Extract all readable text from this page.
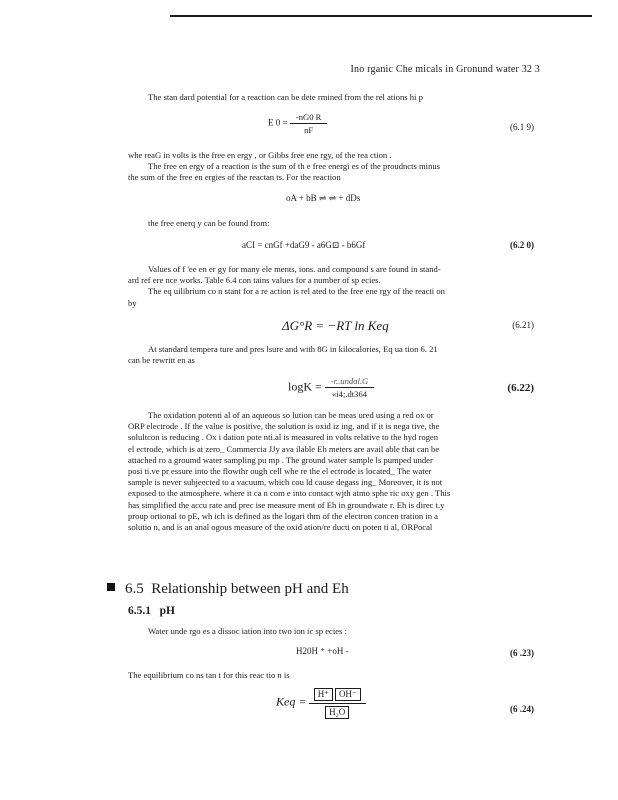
Ino rganic Che micals in Gronund water 32 3
The stan dard potential for a reaction can be dete rmined from the rel ations hi p
E $0 = \frac{-nG0 R}{nF}$	(6.1 9)
whe reaG in volts is the free en ergy , or Gibbs free ene rgy, of the rea ction .
The free en ergy of a reaction is the sum of th e free energi es of the proudncts minus
the sum of the free en ergies of the reactan ts. For the reaction
oA + bB ⇌ ⇌ + dDs
the free enerq y can be found from:
aCI = cnGf +daG9 - a6G⊡ - b6Gf	(6.2 0)
Values of f 'ee en er gy for many ele ments, ions. and compound s are found in stand-
ard ref ere nce works. Table 6.4 con tains values for a number of sp ecies.
The eq uilibrium co n stant for a re action is rel ated to the free ene rgy of the reacti on
by
ΔG°R = −RT ln Keq	(6.21)
At standard tempera ture and pres lsure and with 8G in kilocalories, Eq ua tion 6. 21
can be rewritt en as
$\log K = \frac{\text{-r..undɑl.G}}{«i4;.dt364}$	(6.22)
The oxidation potenti al of an aqueous so lution can be meas ured using a red ox or
ORP electrode . If the value is positive, the solution is oxid iz ing, and if it is nega tive, the
solultcon is reducing . Ox i dation pote nti.al is measured in volts relative to the hyd rogen
el ectrode, which is at zero_ Commercia JJy ava ilable Eh meters are avail able that can be
attached ro a groumd water sampling pu mp . The ground water sample ls pumped under
posi ti.ve pr essure into the flowthr ough cell whe re the el ectrode is located_ The water
sample is never subjeected to a vacuum, which cou ld cause degass ing_ Moreover, it is not
exposed to the atmosphere. where it ca n com e into contact wjth atmo sphe ric oxy gen . This
has simplified the accu rate and prec ise measure ment of Eh in groundwate r. Eh is direc t.y
proup ortional to pE, wh ich is defined as the logari thm of the electron concen tration in a
solutio n, and is an anal ogous measure of the oxid ation/re ducti on poten ti al, ORPocal
6.5 Relationship between pH and Eh
6.5.1 pH
Water unde rgo es a dissoc iation into two ion ic sp ecies :
H20H ⁺ +oH -	(6 .23)
The equilibrium co ns tan t for this reac tio n is
Keq = $\frac{H^+ OH^-}{\text{H₂O}}$	(6 .24)
